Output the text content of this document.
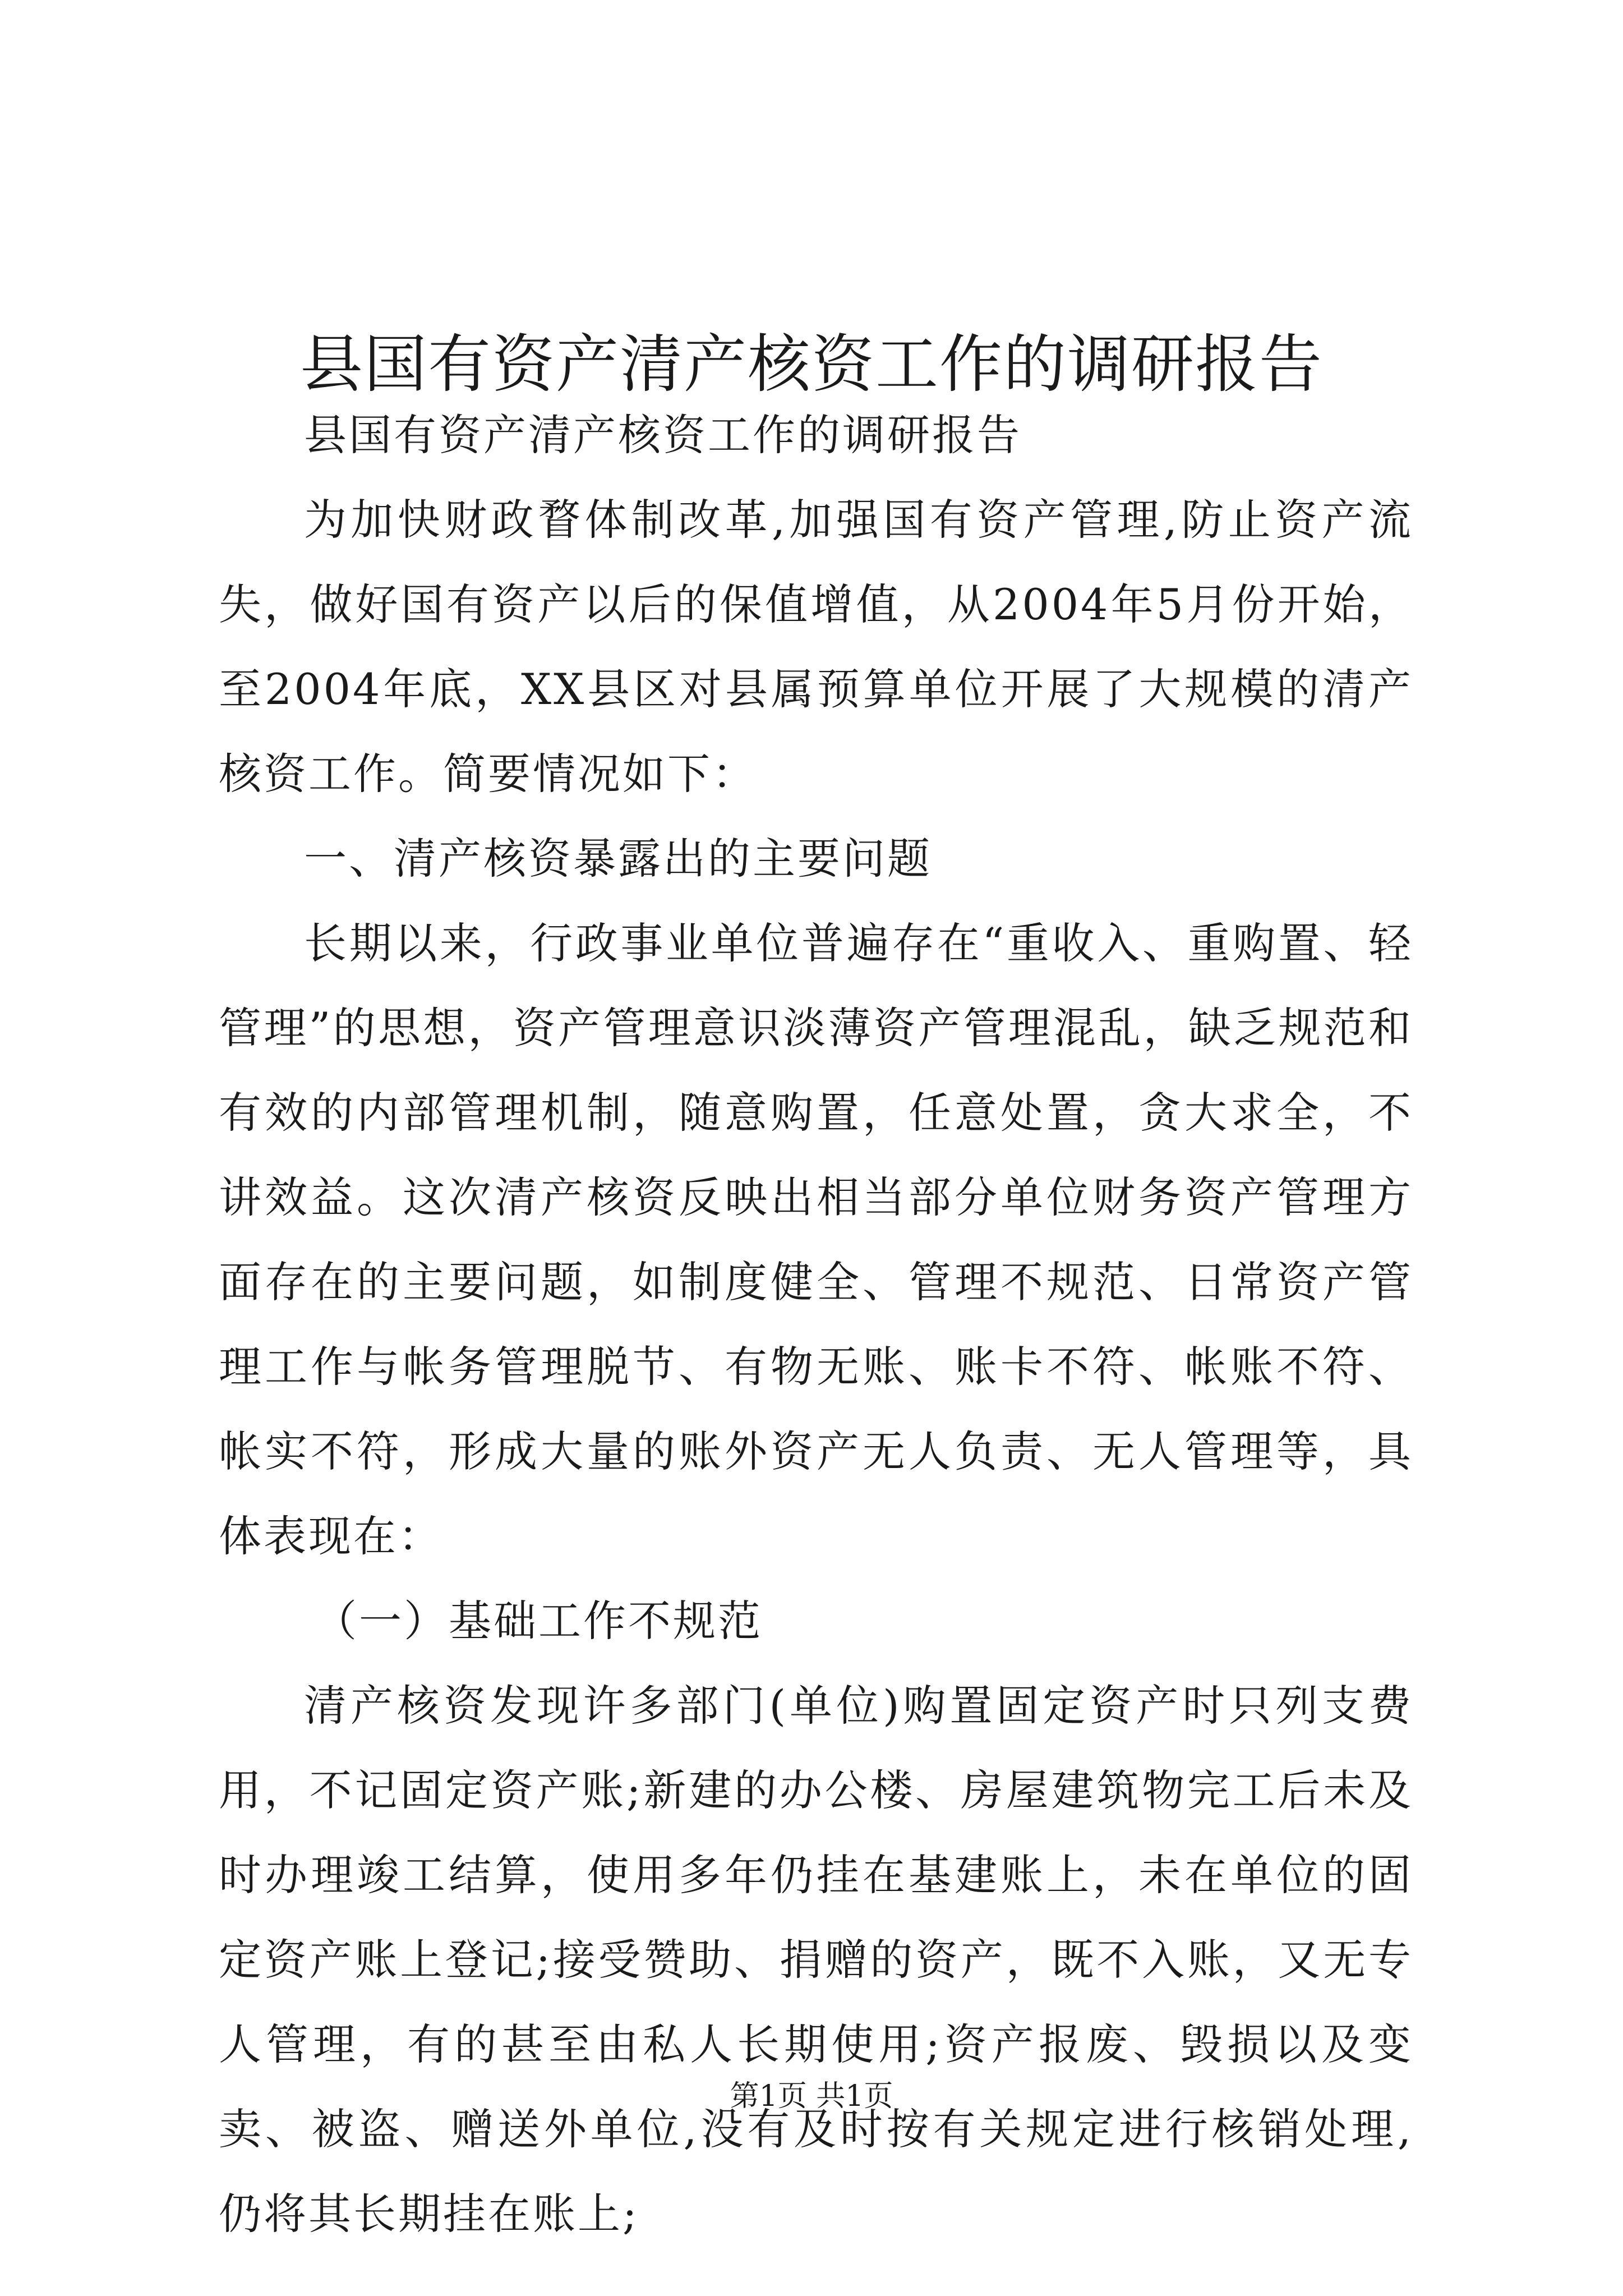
县国有资产清产核资工作的调研报告

县国有资产清产核资工作的调研报告

为加快财政瞀体制改革,加强国有资产管理,防止资产流失，做好国有资产以后的保值增值，从2004年5月份开始，至2004年底，XX县区对县属预算单位开展了大规模的清产核资工作。简要情况如下：

一、清产核资暴露出的主要问题

长期以来，行政事业单位普遍存在“重收入、重购置、轻管理”的思想，资产管理意识淡薄资产管理混乱，缺乏规范和有效的内部管理机制，随意购置，任意处置，贪大求全，不讲效益。这次清产核资反映出相当部分单位财务资产管理方面存在的主要问题，如制度健全、管理不规范、日常资产管理工作与帐务管理脱节、有物无账、账卡不符、帐账不符、帐实不符，形成大量的账外资产无人负责、无人管理等，具体表现在：

（一）基础工作不规范

清产核资发现许多部门(单位)购置固定资产时只列支费用，不记固定资产账;新建的办公楼、房屋建筑物完工后未及时办理竣工结算，使用多年仍挂在基建账上，未在单位的固定资产账上登记;接受赞助、捐赠的资产，既不入账，又无专人管理，有的甚至由私人长期使用;资产报废、毁损以及变卖、被盗、赠送外单位,没有及时按有关规定进行核销处理,仍将其长期挂在账上;

第1页 共1页
